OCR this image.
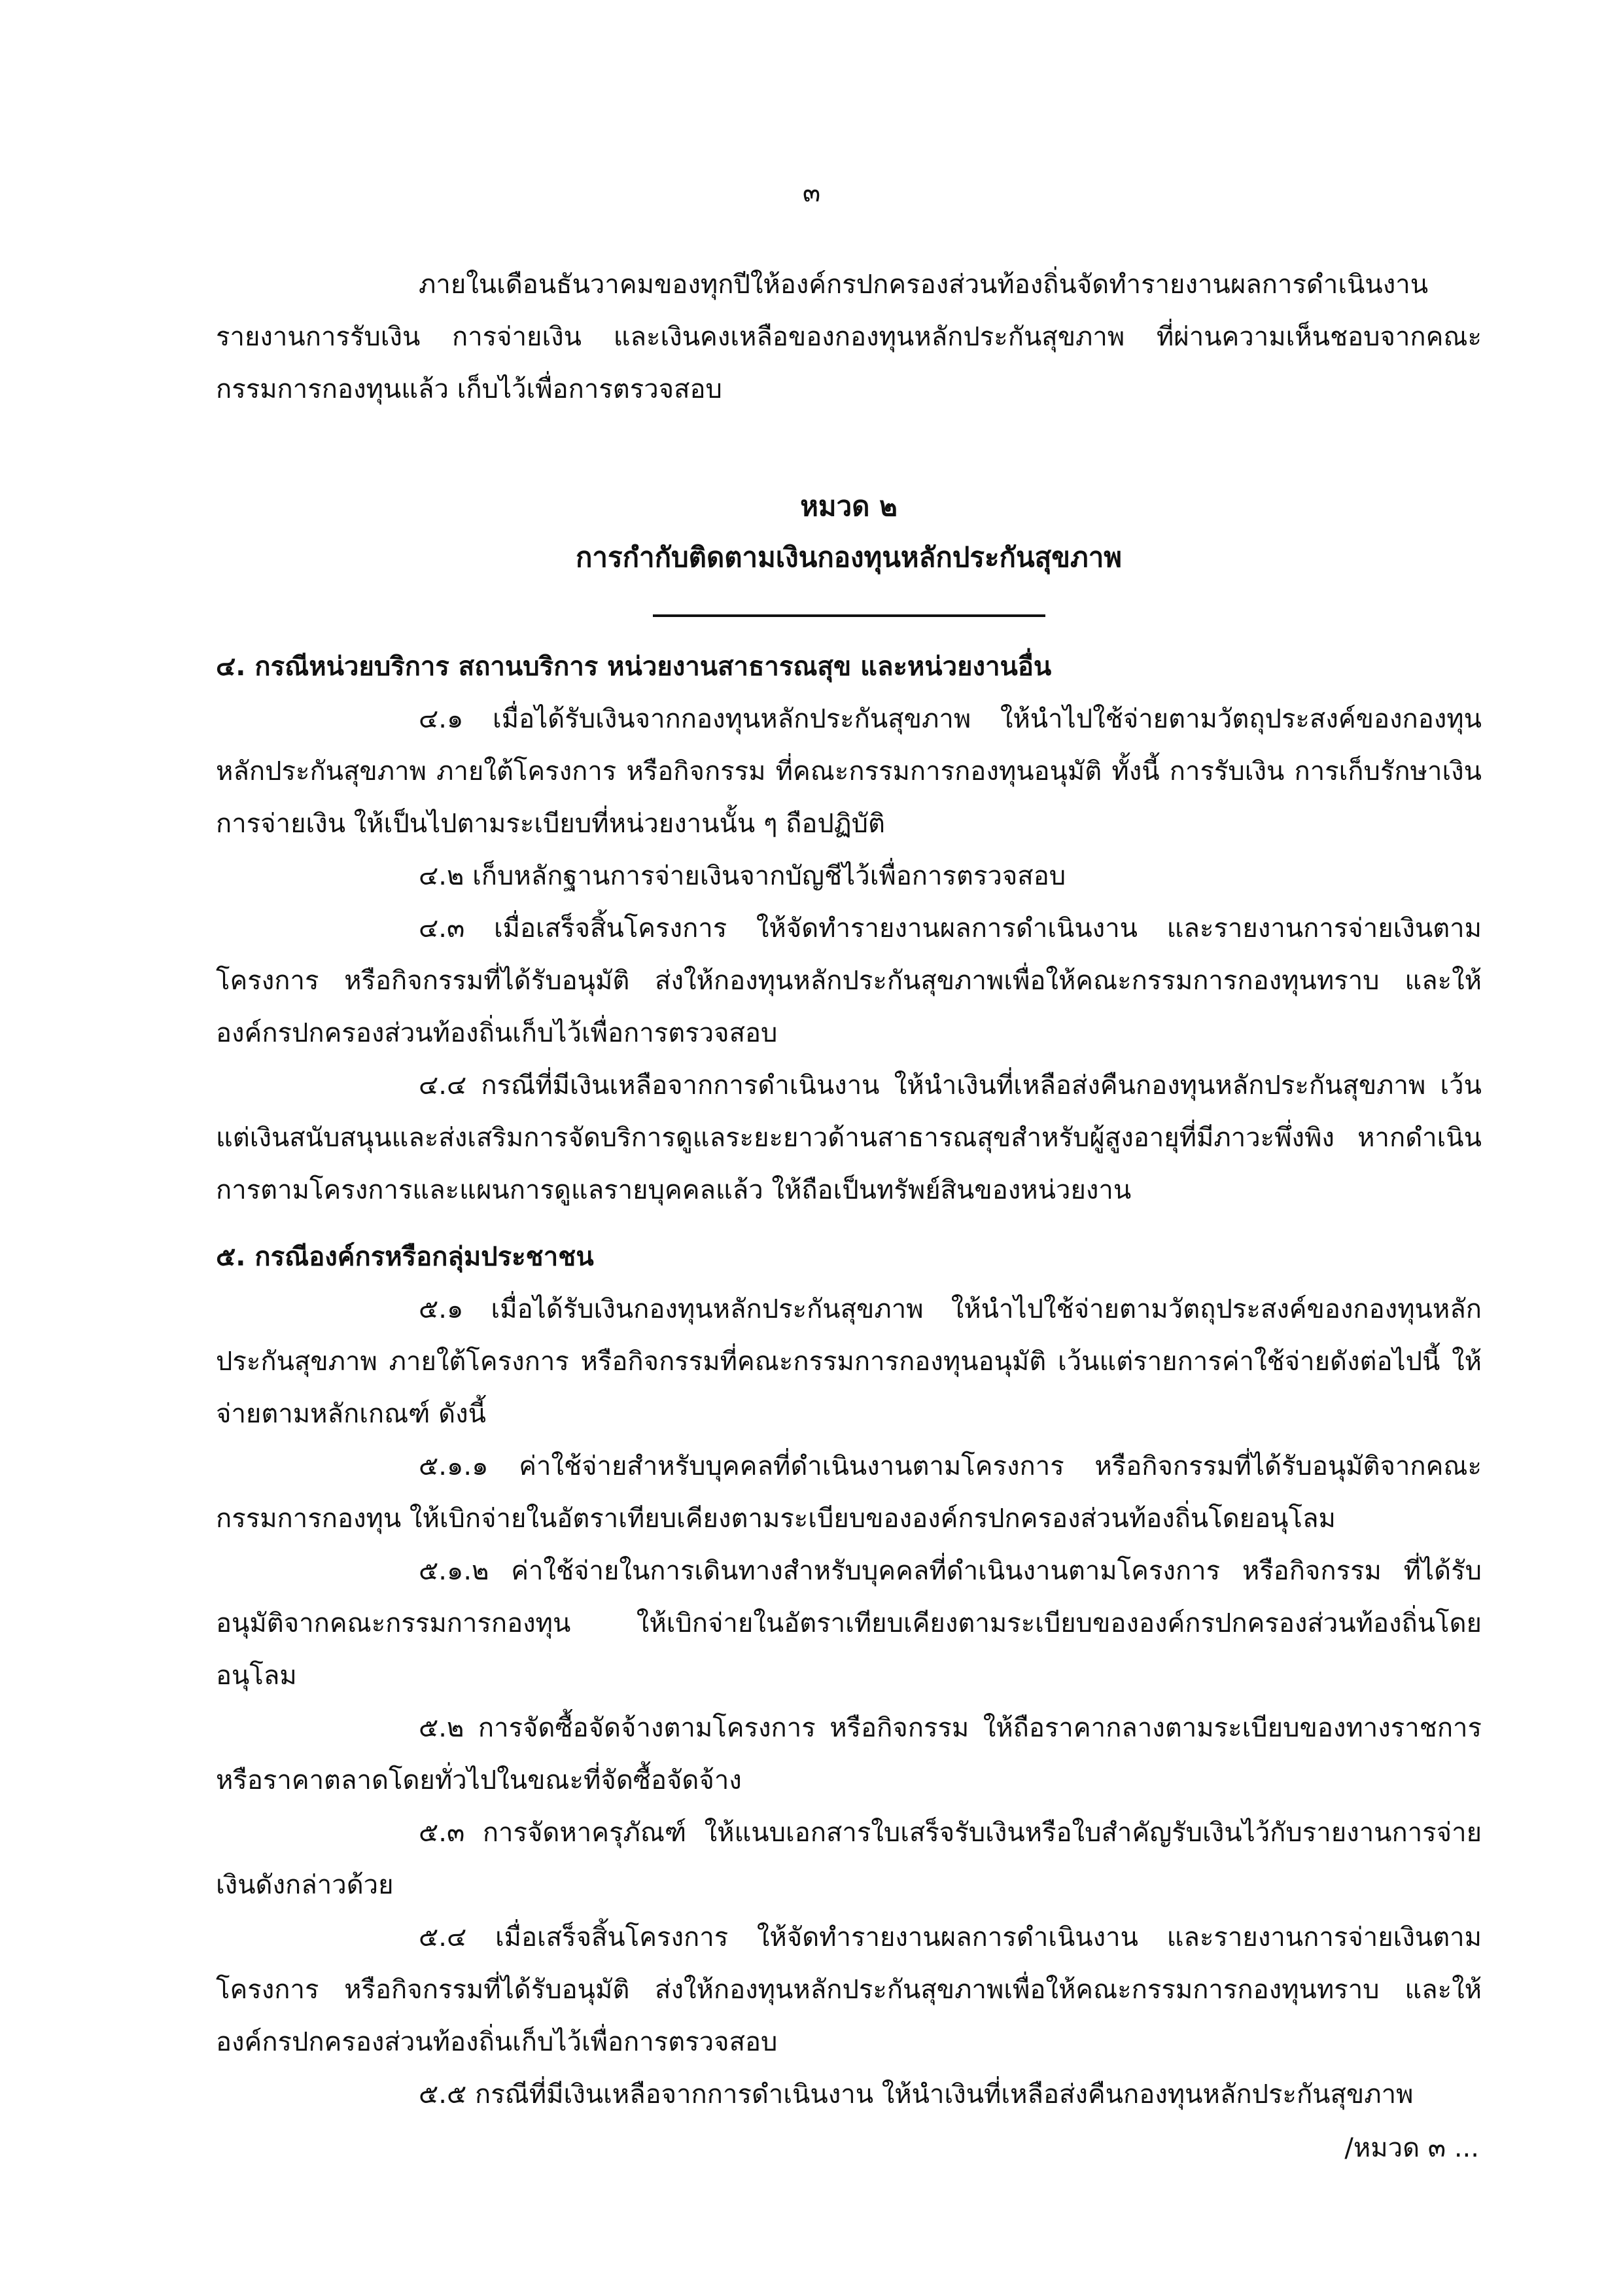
๓

ภายในเดือนธันวาคมของทุกปีให้องค์กรปกครองส่วนท้องถิ่นจัดทำรายงานผลการดำเนินงาน รายงานการรับเงิน การจ่ายเงิน และเงินคงเหลือของกองทุนหลักประกันสุขภาพ ที่ผ่านความเห็นชอบจากคณะกรรมการกองทุนแล้ว เก็บไว้เพื่อการตรวจสอบ

หมวด ๒
การกำกับติดตามเงินกองทุนหลักประกันสุขภาพ

๔. กรณีหน่วยบริการ สถานบริการ หน่วยงานสาธารณสุข และหน่วยงานอื่น

๔.๑ เมื่อได้รับเงินจากกองทุนหลักประกันสุขภาพ ให้นำไปใช้จ่ายตามวัตถุประสงค์ของกองทุนหลักประกันสุขภาพ ภายใต้โครงการ หรือกิจกรรม ที่คณะกรรมการกองทุนอนุมัติ ทั้งนี้ การรับเงิน การเก็บรักษาเงิน การจ่ายเงิน ให้เป็นไปตามระเบียบที่หน่วยงานนั้น ๆ ถือปฏิบัติ

๔.๒ เก็บหลักฐานการจ่ายเงินจากบัญชีไว้เพื่อการตรวจสอบ

๔.๓ เมื่อเสร็จสิ้นโครงการ ให้จัดทำรายงานผลการดำเนินงาน และรายงานการจ่ายเงินตามโครงการ หรือกิจกรรมที่ได้รับอนุมัติ ส่งให้กองทุนหลักประกันสุขภาพเพื่อให้คณะกรรมการกองทุนทราบ และให้องค์กรปกครองส่วนท้องถิ่นเก็บไว้เพื่อการตรวจสอบ

๔.๔ กรณีที่มีเงินเหลือจากการดำเนินงาน ให้นำเงินที่เหลือส่งคืนกองทุนหลักประกันสุขภาพ เว้นแต่เงินสนับสนุนและส่งเสริมการจัดบริการดูแลระยะยาวด้านสาธารณสุขสำหรับผู้สูงอายุที่มีภาวะพึ่งพิง หากดำเนินการตามโครงการและแผนการดูแลรายบุคคลแล้ว ให้ถือเป็นทรัพย์สินของหน่วยงาน

๕. กรณีองค์กรหรือกลุ่มประชาชน

๕.๑ เมื่อได้รับเงินกองทุนหลักประกันสุขภาพ ให้นำไปใช้จ่ายตามวัตถุประสงค์ของกองทุนหลักประกันสุขภาพ ภายใต้โครงการ หรือกิจกรรมที่คณะกรรมการกองทุนอนุมัติ เว้นแต่รายการค่าใช้จ่ายดังต่อไปนี้ ให้จ่ายตามหลักเกณฑ์ ดังนี้

๕.๑.๑ ค่าใช้จ่ายสำหรับบุคคลที่ดำเนินงานตามโครงการ หรือกิจกรรมที่ได้รับอนุมัติจากคณะกรรมการกองทุน ให้เบิกจ่ายในอัตราเทียบเคียงตามระเบียบขององค์กรปกครองส่วนท้องถิ่นโดยอนุโลม

๕.๑.๒ ค่าใช้จ่ายในการเดินทางสำหรับบุคคลที่ดำเนินงานตามโครงการ หรือกิจกรรม ที่ได้รับอนุมัติจากคณะกรรมการกองทุน ให้เบิกจ่ายในอัตราเทียบเคียงตามระเบียบขององค์กรปกครองส่วนท้องถิ่นโดยอนุโลม

๕.๒ การจัดซื้อจัดจ้างตามโครงการ หรือกิจกรรม ให้ถือราคากลางตามระเบียบของทางราชการหรือราคาตลาดโดยทั่วไปในขณะที่จัดซื้อจัดจ้าง

๕.๓ การจัดหาครุภัณฑ์ ให้แนบเอกสารใบเสร็จรับเงินหรือใบสำคัญรับเงินไว้กับรายงานการจ่ายเงินดังกล่าวด้วย

๕.๔ เมื่อเสร็จสิ้นโครงการ ให้จัดทำรายงานผลการดำเนินงาน และรายงานการจ่ายเงินตามโครงการ หรือกิจกรรมที่ได้รับอนุมัติ ส่งให้กองทุนหลักประกันสุขภาพเพื่อให้คณะกรรมการกองทุนทราบ และให้องค์กรปกครองส่วนท้องถิ่นเก็บไว้เพื่อการตรวจสอบ

๕.๕ กรณีที่มีเงินเหลือจากการดำเนินงาน ให้นำเงินที่เหลือส่งคืนกองทุนหลักประกันสุขภาพ

/หมวด ๓ ...
